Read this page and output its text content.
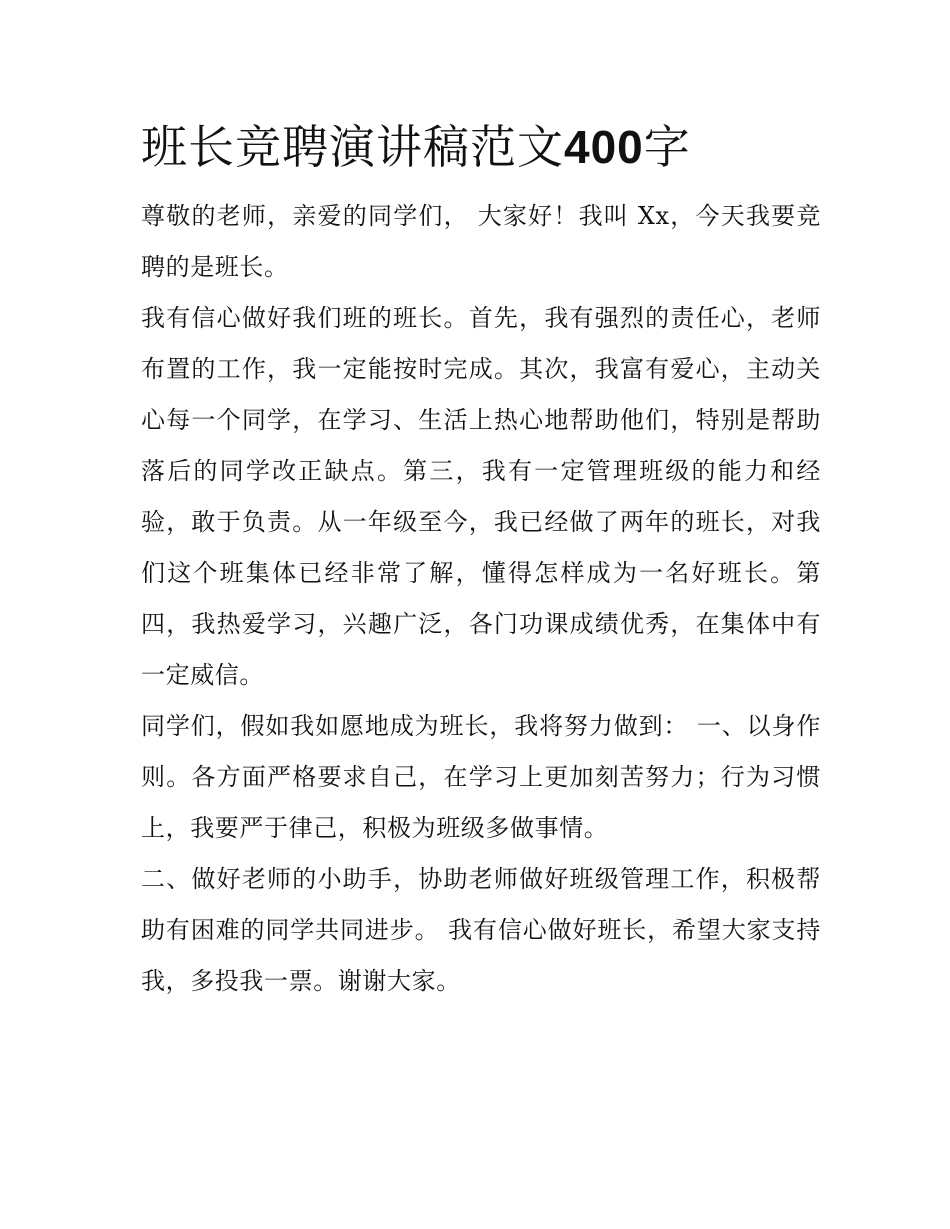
班长竞聘演讲稿范文400字

尊敬的老师，亲爱的同学们， 大家好！我叫 Xx，今天我要竞聘的是班长。

我有信心做好我们班的班长。首先，我有强烈的责任心，老师布置的工作，我一定能按时完成。其次，我富有爱心，主动关心每一个同学，在学习、生活上热心地帮助他们，特别是帮助落后的同学改正缺点。第三，我有一定管理班级的能力和经验，敢于负责。从一年级至今，我已经做了两年的班长，对我们这个班集体已经非常了解，懂得怎样成为一名好班长。第四，我热爱学习，兴趣广泛，各门功课成绩优秀，在集体中有一定威信。

同学们，假如我如愿地成为班长，我将努力做到： 一、以身作则。各方面严格要求自己，在学习上更加刻苦努力；行为习惯上，我要严于律己，积极为班级多做事情。

二、做好老师的小助手，协助老师做好班级管理工作，积极帮助有困难的同学共同进步。 我有信心做好班长，希望大家支持我，多投我一票。谢谢大家。
